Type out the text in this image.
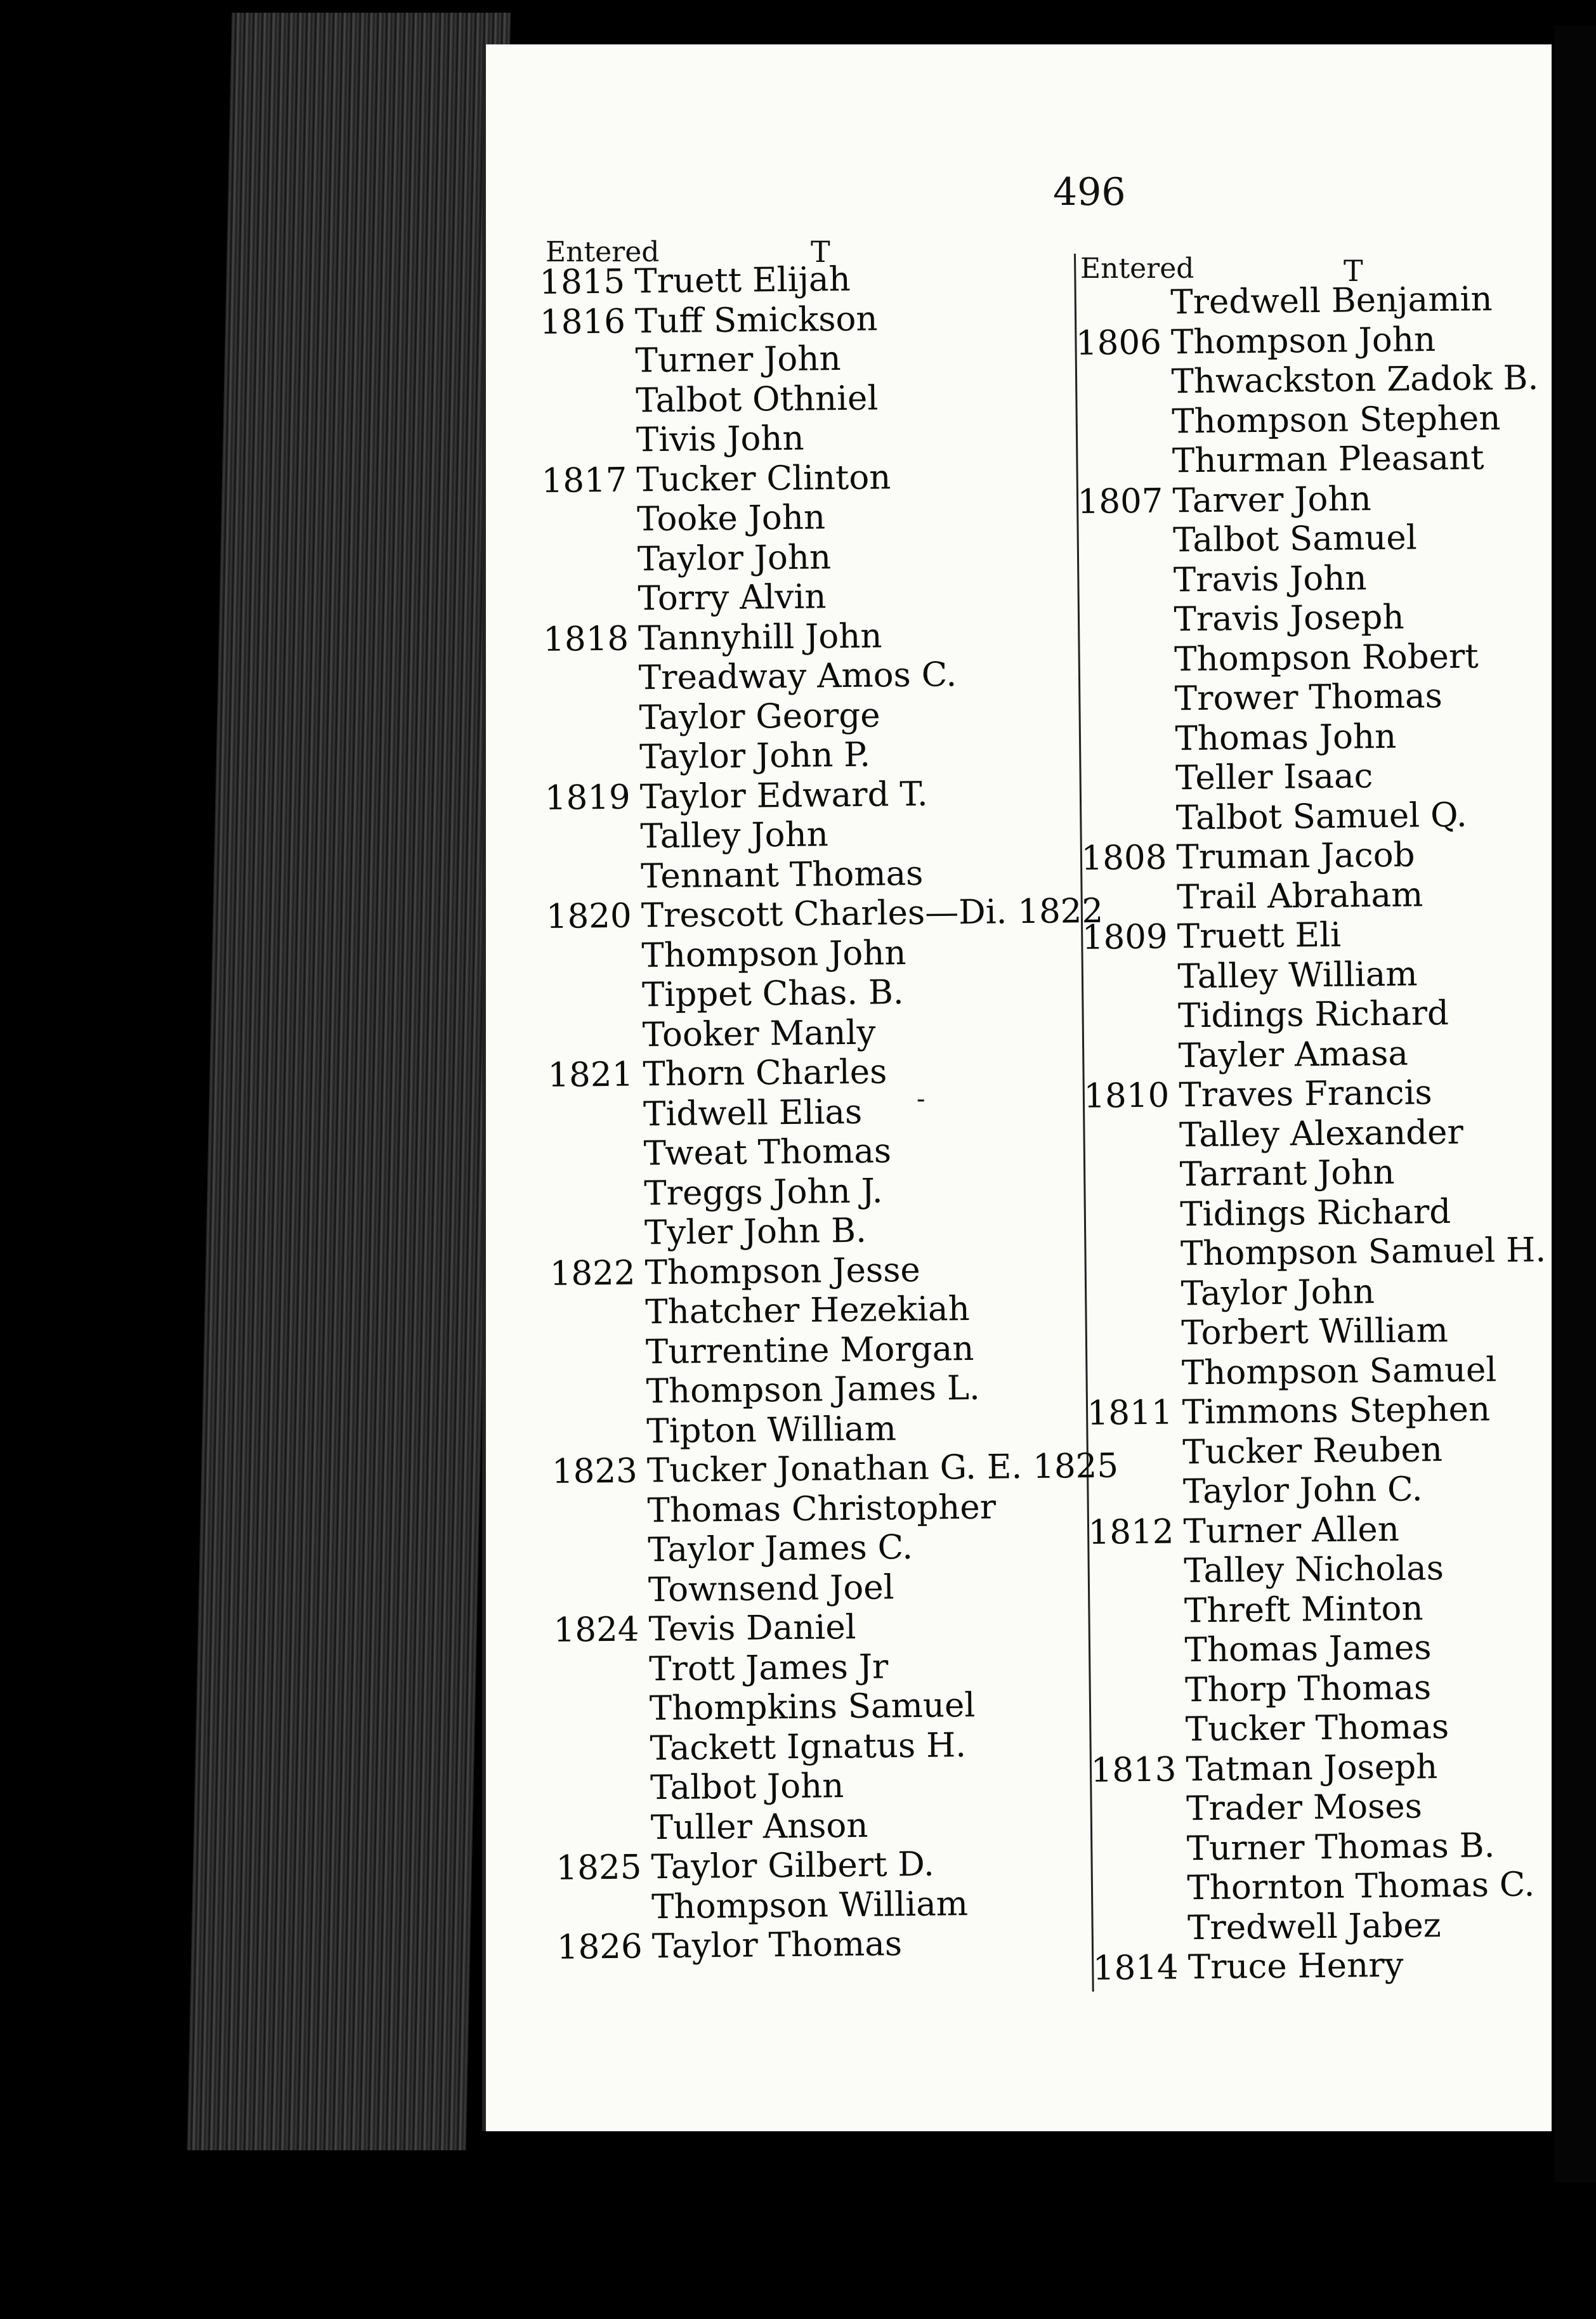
496
Entered	T	Entered	T
1815 Truett Elijah
1816 Tuff Smickson
Turner John
Talbot Othniel
Tivis John
1817 Tucker Clinton
Tooke John
Taylor John
Torry Alvin
1818 Tannyhill John
Treadway Amos C.
Taylor George
Taylor John P.
1819 Taylor Edward T.
Talley John
Tennant Thomas
1820 Trescott Charles—Di. 1822
Thompson John
Tippet Chas. B.
Tooker Manly
1821 Thorn Charles
Tidwell Elias
Tweat Thomas
Treggs John J.
Tyler John B.
1822 Thompson Jesse
Thatcher Hezekiah
Turrentine Morgan
Thompson James L.
Tipton William
1823 Tucker Jonathan G. E. 1825
Thomas Christopher
Taylor James C.
Townsend Joel
1824 Tevis Daniel
Trott James Jr
Thompkins Samuel
Tackett Ignatus H.
Talbot John
Tuller Anson
1825 Taylor Gilbert D.
Thompson William
1826 Taylor Thomas
Tredwell Benjamin
1806 Thompson John
Thwackston Zadok B.
Thompson Stephen
Thurman Pleasant
1807 Tarver John
Talbot Samuel
Travis John
Travis Joseph
Thompson Robert
Trower Thomas
Thomas John
Teller Isaac
Talbot Samuel Q.
1808 Truman Jacob
Trail Abraham
1809 Truett Eli
Talley William
Tidings Richard
Tayler Amasa
1810 Traves Francis
Talley Alexander
Tarrant John
Tidings Richard
Thompson Samuel H.
Taylor John
Torbert William
Thompson Samuel
1811 Timmons Stephen
Tucker Reuben
Taylor John C.
1812 Turner Allen
Talley Nicholas
Threft Minton
Thomas James
Thorp Thomas
Tucker Thomas
1813 Tatman Joseph
Trader Moses
Turner Thomas B.
Thornton Thomas C.
Tredwell Jabez
1814 Truce Henry
-
